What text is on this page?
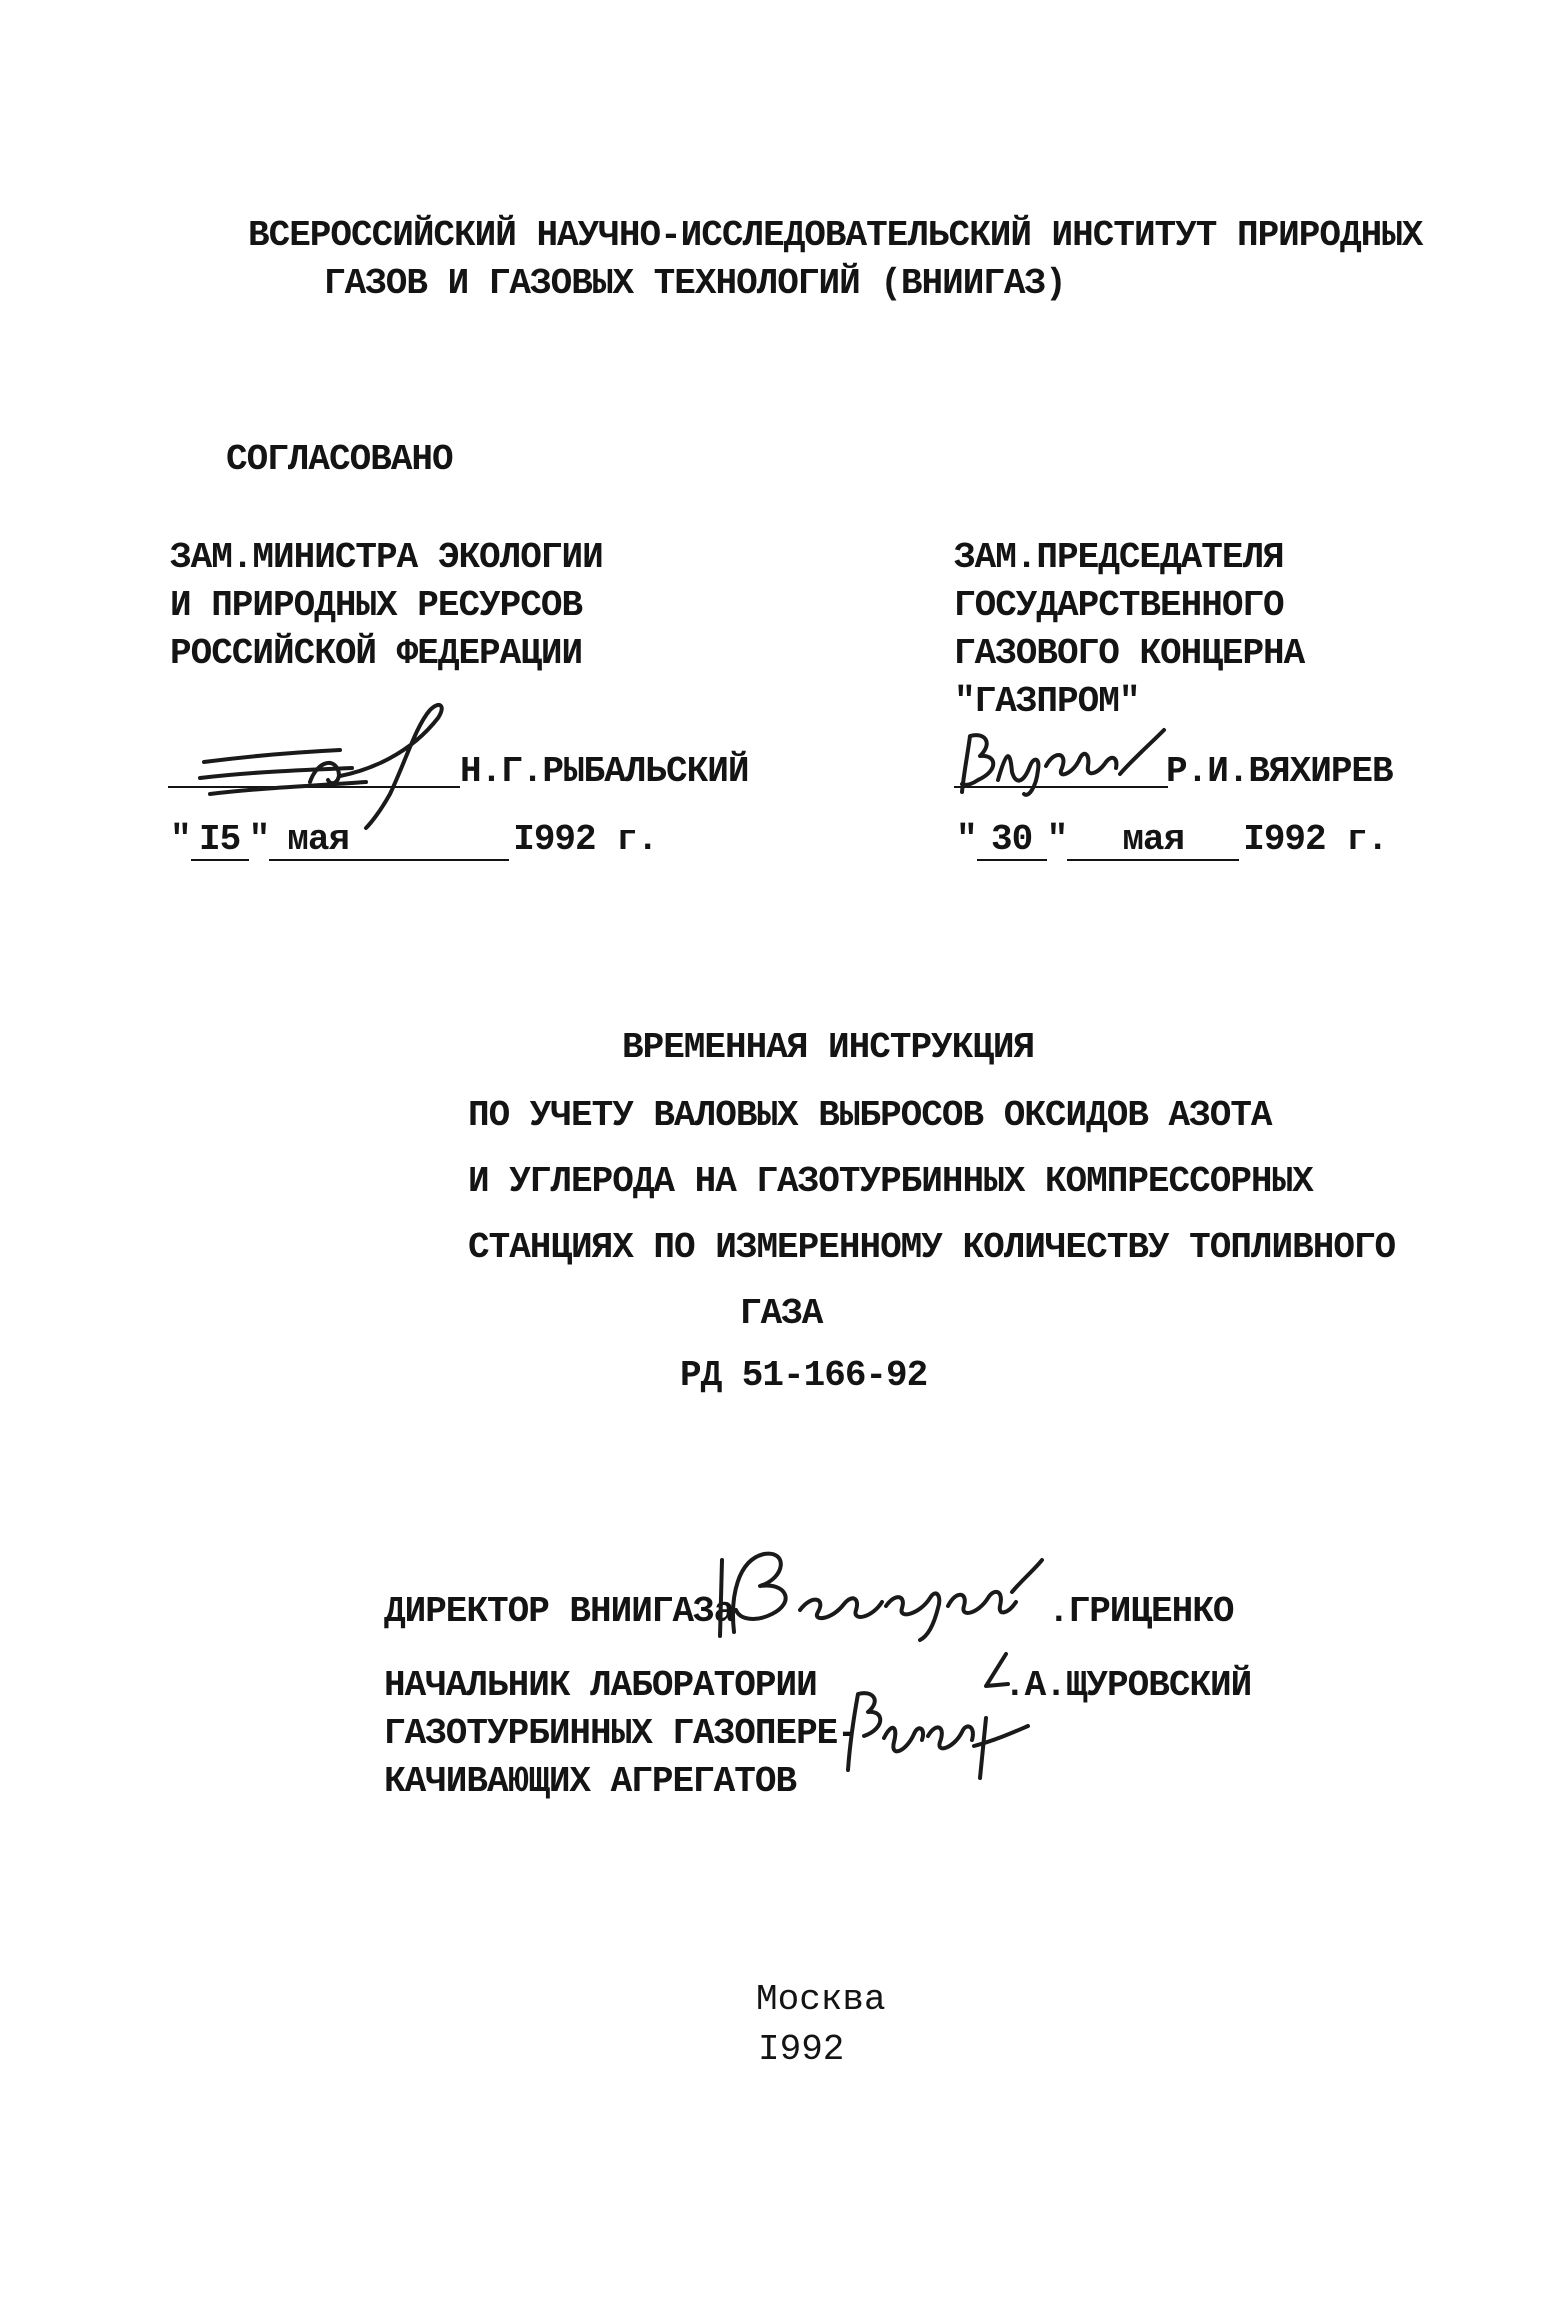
ВСЕРОССИЙСКИЙ НАУЧНО-ИССЛЕДОВАТЕЛЬСКИЙ ИНСТИТУТ ПРИРОДНЫХ
ГАЗОВ И ГАЗОВЫХ ТЕХНОЛОГИЙ (ВНИИГАЗ)
СОГЛАСОВАНО
ЗАМ.МИНИСТРА ЭКОЛОГИИ
И ПРИРОДНЫХ РЕСУРСОВ
РОССИЙСКОЙ ФЕДЕРАЦИИ
Н.Г.РЫБАЛЬСКИЙ
" I5 " мая	I992 г.
ЗАМ.ПРЕДСЕДАТЕЛЯ
ГОСУДАРСТВЕННОГО
ГАЗОВОГО КОНЦЕРНА
"ГАЗПРОМ"
Р.И.ВЯХИРЕВ
" 30 " мая I992 г.
ВРЕМЕННАЯ ИНСТРУКЦИЯ
ПО УЧЕТУ ВАЛОВЫХ ВЫБРОСОВ ОКСИДОВ АЗОТА
И УГЛЕРОДА НА ГАЗОТУРБИННЫХ КОМПРЕССОРНЫХ
СТАНЦИЯХ ПО ИЗМЕРЕННОМУ КОЛИЧЕСТВУ ТОПЛИВНОГО
ГАЗА
РД 51-166-92
ДИРЕКТОР ВНИИГАЗа	.ГРИЦЕНКО
НАЧАЛЬНИК ЛАБОРАТОРИИ
ГАЗОТУРБИННЫХ ГАЗОПЕРЕ-
КАЧИВАЮЩИХ АГРЕГАТОВ
.А.ЩУРОВСКИЙ
Москва
I992
